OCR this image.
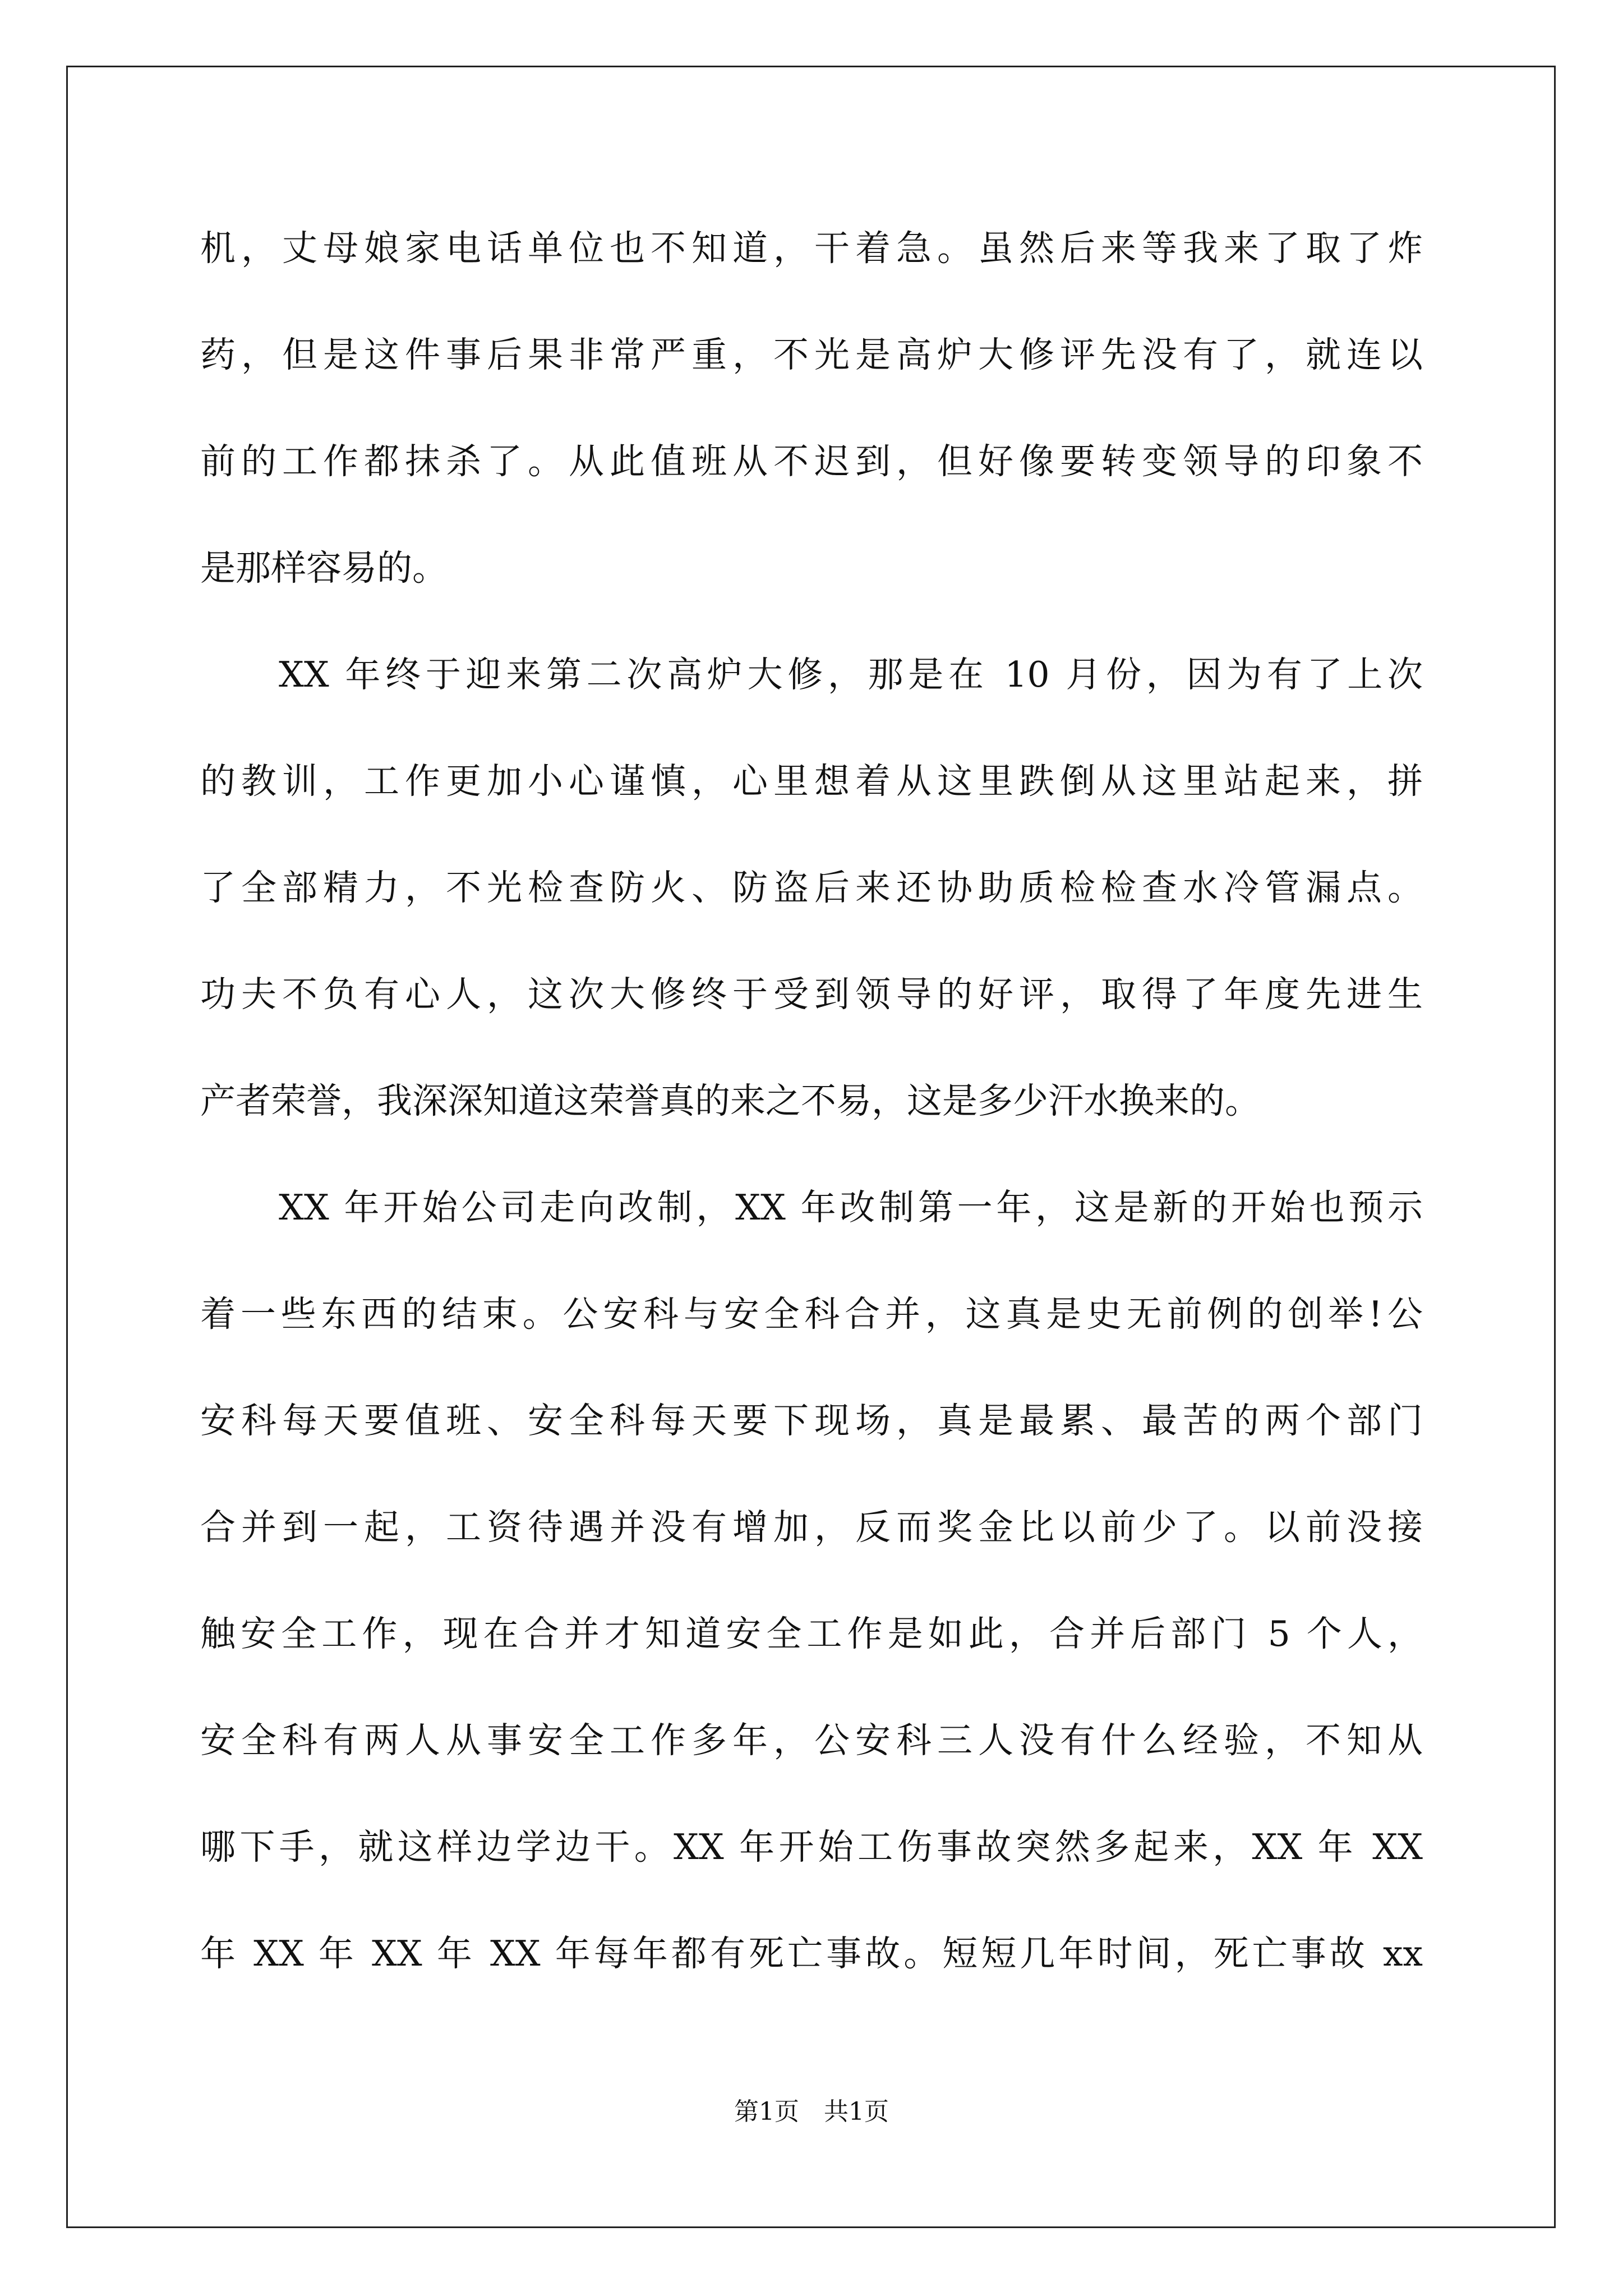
机，丈母娘家电话单位也不知道，干着急。虽然后来等我来了取了炸
药，但是这件事后果非常严重，不光是高炉大修评先没有了，就连以
前的工作都抹杀了。从此值班从不迟到，但好像要转变领导的印象不
是那样容易的。
XX 年终于迎来第二次高炉大修，那是在 10 月份，因为有了上次
的教训，工作更加小心谨慎，心里想着从这里跌倒从这里站起来，拼
了全部精力，不光检查防火、防盗后来还协助质检检查水冷管漏点。
功夫不负有心人，这次大修终于受到领导的好评，取得了年度先进生
产者荣誉，我深深知道这荣誉真的来之不易，这是多少汗水换来的。
XX 年开始公司走向改制，XX 年改制第一年，这是新的开始也预示
着一些东西的结束。公安科与安全科合并，这真是史无前例的创举!公
安科每天要值班、安全科每天要下现场，真是最累、最苦的两个部门
合并到一起，工资待遇并没有增加，反而奖金比以前少了。以前没接
触安全工作，现在合并才知道安全工作是如此，合并后部门 5 个人，
安全科有两人从事安全工作多年，公安科三人没有什么经验，不知从
哪下手，就这样边学边干。XX 年开始工伤事故突然多起来，XX 年 XX
年 XX 年 XX 年 XX 年每年都有死亡事故。短短几年时间，死亡事故 xx
第1页　共1页
